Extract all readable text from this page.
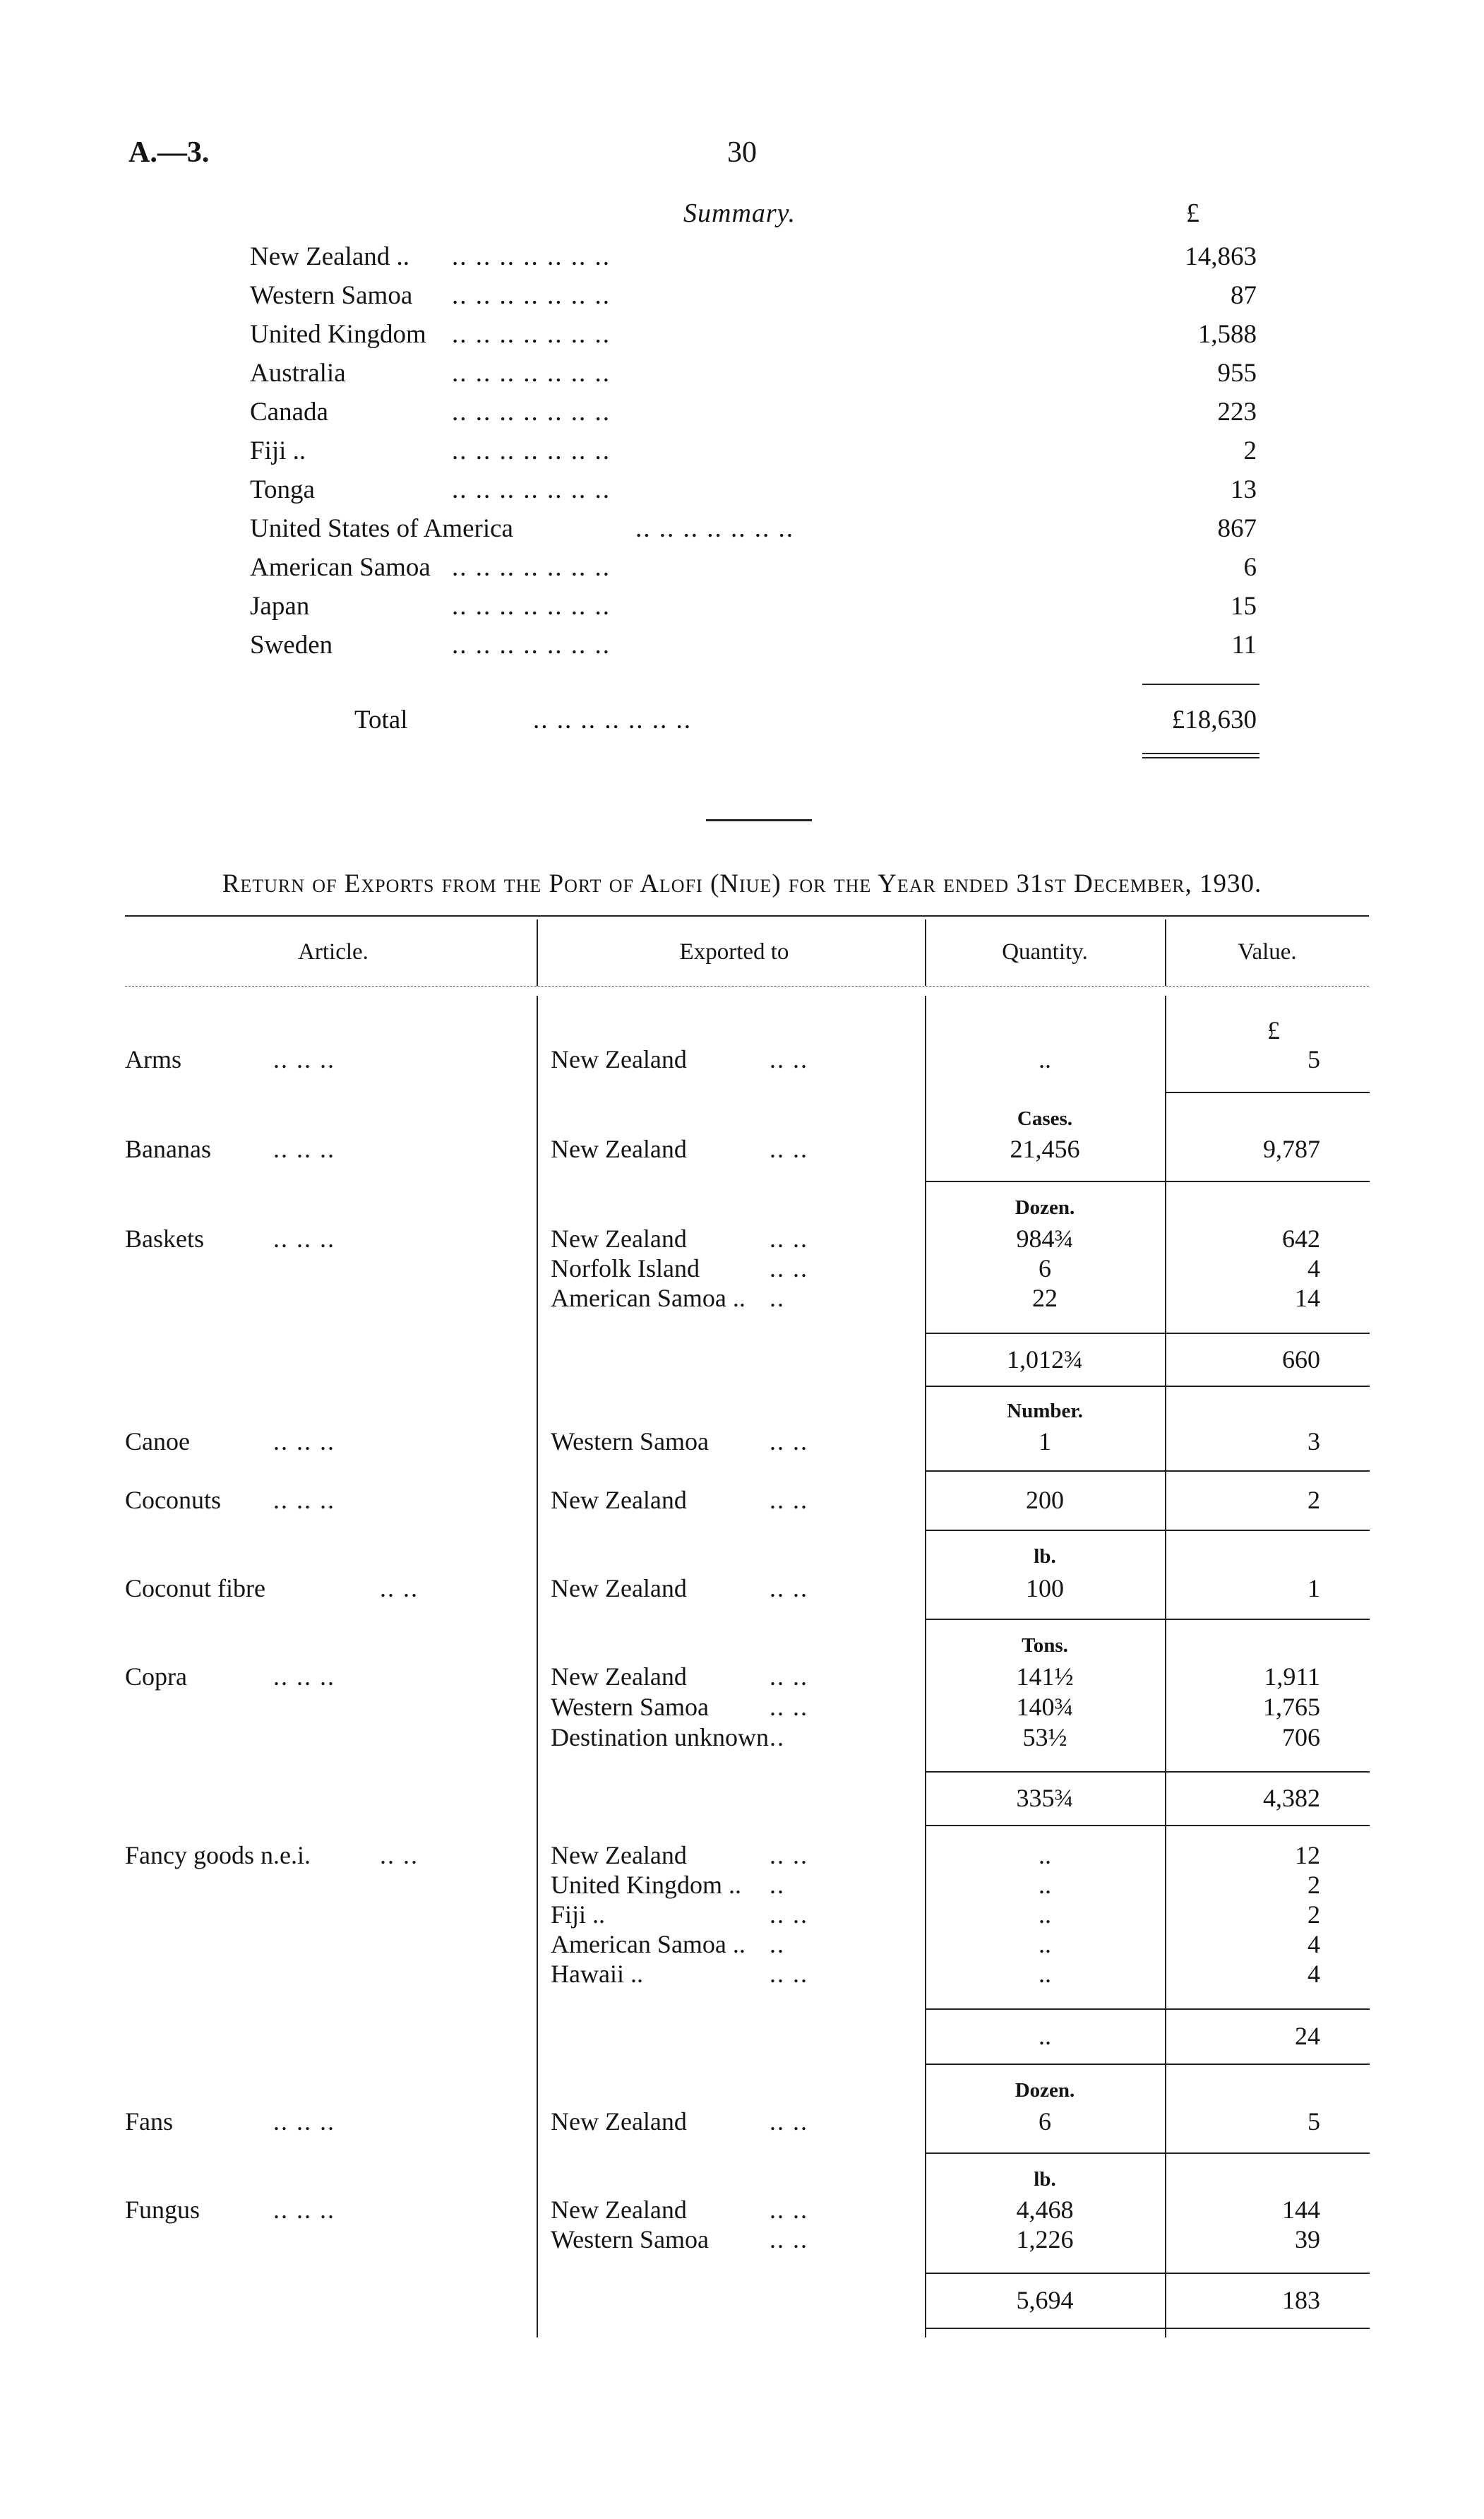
A.—3.	30
Summary.	£
New Zealand .. .. .. .. .. .. .. ..	14,863
Western Samoa .. .. .. .. .. .. ..	87
United Kingdom .. .. .. .. .. .. ..	1,588
Australia	.. .. .. .. .. .. ..	955
Canada	.. .. .. .. .. .. ..	223
Fiji ..	.. .. .. .. .. .. ..	2
Tonga	.. .. .. .. .. .. ..	13
United States of America	.. .. .. .. .. .. ..	867
American Samoa .. .. .. .. .. .. ..	6
Japan	.. .. .. .. .. .. ..	15
Sweden	.. .. .. .. .. .. ..	11
Total	.. .. .. .. .. .. ..	£18,630
Return of Exports from the Port of Alofi (Niue) for the Year ended 31st December, 1930.
Article.	Exported to	Quantity.	Value.
£
Arms	.. .. ..	New Zealand	.. ..	..	5
Cases.
Bananas .. .. ..	New Zealand	.. ..	21,456	9,787
Dozen.
Baskets	.. .. ..	New Zealand	.. ..	984¾	642
Norfolk Island	.. ..	6	4
American Samoa .. ..	22	14
1,012¾	660
Number.
Canoe	.. .. ..	Western Samoa .. ..	1	3
Coconuts .. .. ..	New Zealand	.. ..	200	2
lb.
Coconut fibre	.. ..	New Zealand	.. ..	100	1
Tons.
Copra	.. .. ..	New Zealand	.. ..	141½	1,911
Western Samoa .. ..	140¾	1,765
Destination unknown ..	53½	706
335¾	4,382
Fancy goods n.e.i.	.. ..	New Zealand	.. ..	..	12
United Kingdom .. ..	..	2
Fiji ..	.. ..	..	2
American Samoa .. ..	..	4
Hawaii ..	.. ..	..	4
..	24
Dozen.
Fans	.. .. ..	New Zealand	.. ..	6	5
lb.
Fungus	.. .. ..	New Zealand	.. ..	4,468	144
Western Samoa .. ..	1,226	39
5,694	183
